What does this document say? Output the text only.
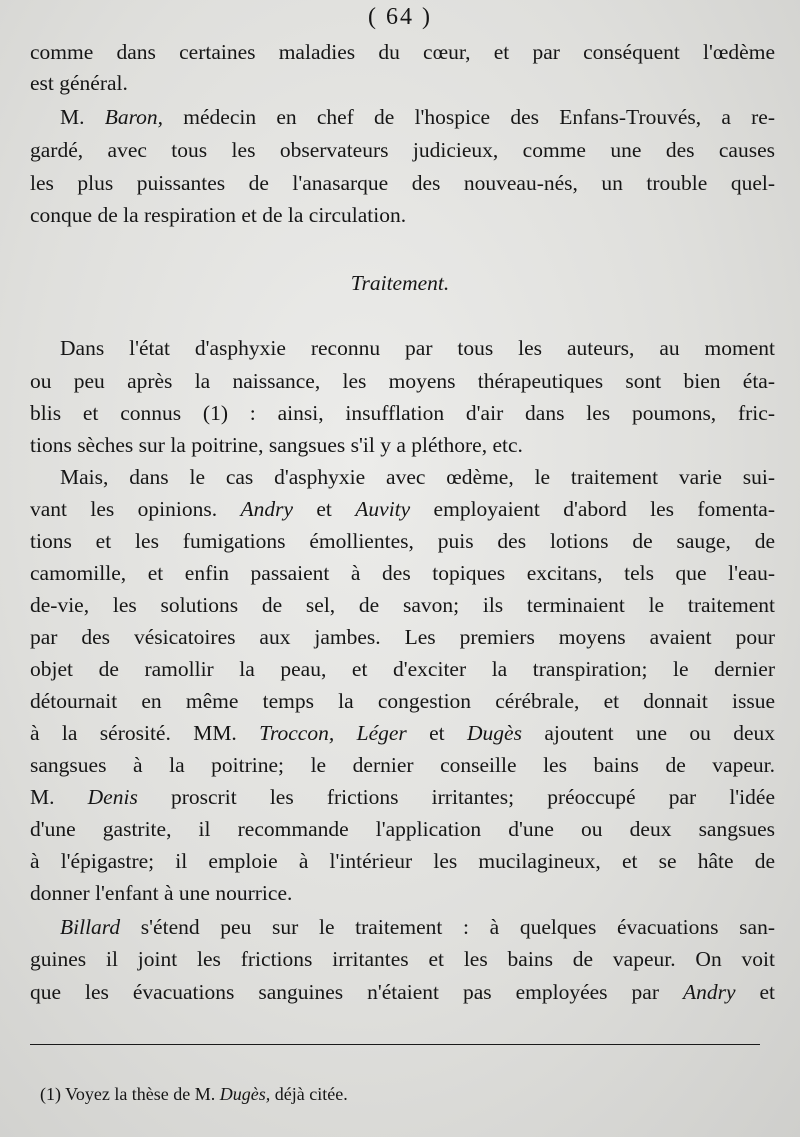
( 64 )
comme dans certaines maladies du cœur, et par conséquent l'œdème
est général.
M. Baron, médecin en chef de l'hospice des Enfans-Trouvés, a re-
gardé, avec tous les observateurs judicieux, comme une des causes
les plus puissantes de l'anasarque des nouveau-nés, un trouble quel-
conque de la respiration et de la circulation.
Traitement.
Dans l'état d'asphyxie reconnu par tous les auteurs, au moment
ou peu après la naissance, les moyens thérapeutiques sont bien éta-
blis et connus (1) : ainsi, insufflation d'air dans les poumons, fric-
tions sèches sur la poitrine, sangsues s'il y a pléthore, etc.
Mais, dans le cas d'asphyxie avec œdème, le traitement varie sui-
vant les opinions. Andry et Auvity employaient d'abord les fomenta-
tions et les fumigations émollientes, puis des lotions de sauge, de
camomille, et enfin passaient à des topiques excitans, tels que l'eau-
de-vie, les solutions de sel, de savon; ils terminaient le traitement
par des vésicatoires aux jambes. Les premiers moyens avaient pour
objet de ramollir la peau, et d'exciter la transpiration; le dernier
détournait en même temps la congestion cérébrale, et donnait issue
à la sérosité. MM. Troccon, Léger et Dugès ajoutent une ou deux
sangsues à la poitrine; le dernier conseille les bains de vapeur.
M. Denis proscrit les frictions irritantes; préoccupé par l'idée
d'une gastrite, il recommande l'application d'une ou deux sangsues
à l'épigastre; il emploie à l'intérieur les mucilagineux, et se hâte de
donner l'enfant à une nourrice.
Billard s'étend peu sur le traitement : à quelques évacuations san-
guines il joint les frictions irritantes et les bains de vapeur. On voit
que les évacuations sanguines n'étaient pas employées par Andry et
(1) Voyez la thèse de M. Dugès, déjà citée.
